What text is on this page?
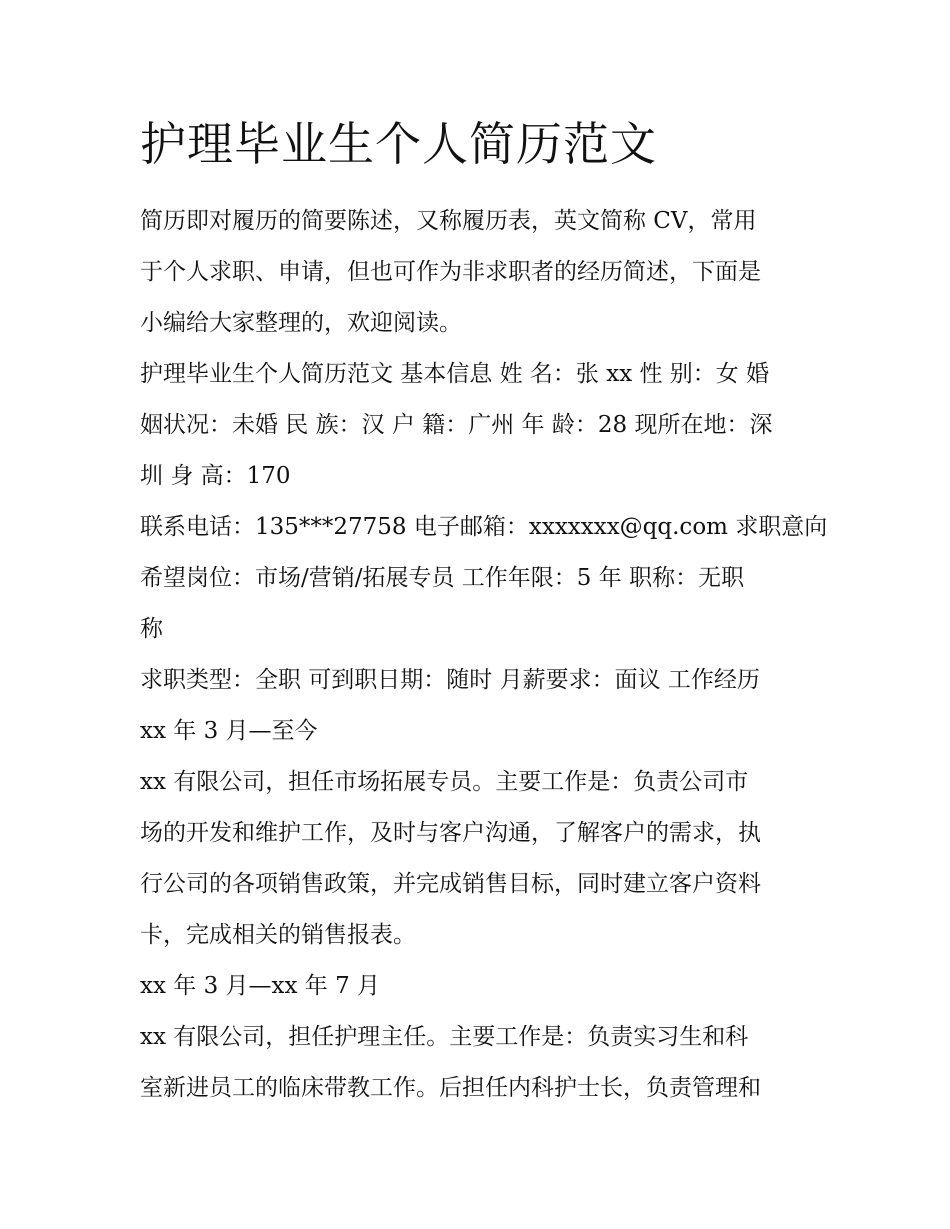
护理毕业生个人简历范文

简历即对履历的简要陈述，又称履历表，英文简称 CV，常用

于个人求职、申请，但也可作为非求职者的经历简述，下面是

小编给大家整理的，欢迎阅读。

护理毕业生个人简历范文 基本信息 姓 名：张 xx 性 别：女 婚

姻状况：未婚 民 族：汉 户 籍：广州 年 龄：28 现所在地：深

圳 身 高：170

联系电话：135***27758 电子邮箱：xxxxxxx@qq.com 求职意向

希望岗位：市场/营销/拓展专员 工作年限：5 年 职称：无职

称

求职类型：全职 可到职日期：随时 月薪要求：面议 工作经历

xx 年 3 月—至今

xx 有限公司，担任市场拓展专员。主要工作是：负责公司市

场的开发和维护工作，及时与客户沟通，了解客户的需求，执

行公司的各项销售政策，并完成销售目标，同时建立客户资料

卡，完成相关的销售报表。

xx 年 3 月—xx 年 7 月

xx 有限公司，担任护理主任。主要工作是：负责实习生和科

室新进员工的临床带教工作。后担任内科护士长，负责管理和
